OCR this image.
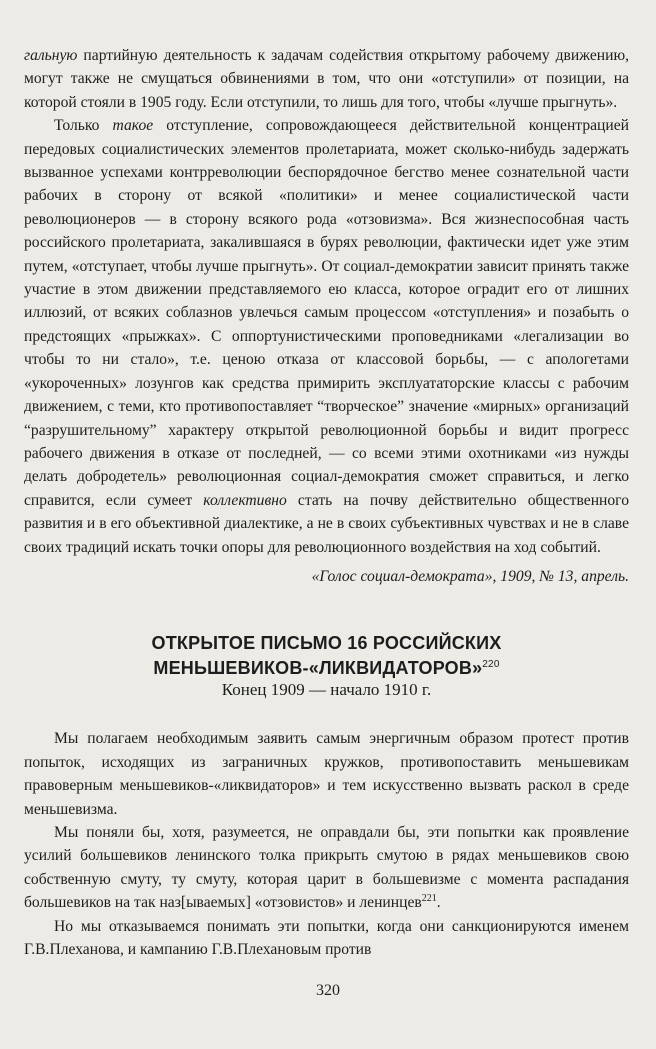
гальную партийную деятельность к задачам содействия открытому рабочему движению, могут также не смущаться обвинениями в том, что они «отступили» от позиции, на которой стояли в 1905 году. Если отступили, то лишь для того, чтобы «лучше прыгнуть».

Только такое отступление, сопровождающееся действительной концентрацией передовых социалистических элементов пролетариата, может сколько-нибудь задержать вызванное успехами контрреволюции беспорядочное бегство менее сознательной части рабочих в сторону от всякой «политики» и менее социалистической части революционеров — в сторону всякого рода «отзовизма». Вся жизнеспособная часть российского пролетариата, закалившаяся в бурях революции, фактически идет уже этим путем, «отступает, чтобы лучше прыгнуть». От социал-демократии зависит принять также участие в этом движении представляемого ею класса, которое оградит его от лишних иллюзий, от всяких соблазнов увлечься самым процессом «отступления» и позабыть о предстоящих «прыжках». С оппортунистическими проповедниками «легализации во чтобы то ни стало», т.е. ценою отказа от классовой борьбы, — с апологетами «укороченных» лозунгов как средства примирить эксплуататорские классы с рабочим движением, с теми, кто противопоставляет “творческое” значение «мирных» организаций “разрушительному” характеру открытой революционной борьбы и видит прогресс рабочего движения в отказе от последней, — со всеми этими охотниками «из нужды делать добродетель» революционная социал-демократия сможет справиться, и легко справится, если сумеет коллективно стать на почву действительно общественного развития и в его объективной диалектике, а не в своих субъективных чувствах и не в славе своих традиций искать точки опоры для революционного воздействия на ход событий.

«Голос социал-демократа», 1909, № 13, апрель.
ОТКРЫТОЕ ПИСЬМО 16 РОССИЙСКИХ
МЕНЬШЕВИКОВ-«ЛИКВИДАТОРОВ»$^{220}$
Конец 1909 — начало 1910 г.

Мы полагаем необходимым заявить самым энергичным образом протест против попыток, исходящих из заграничных кружков, противопоставить меньшевикам правоверным меньшевиков-«ликвидаторов» и тем искусственно вызвать раскол в среде меньшевизма.

Мы поняли бы, хотя, разумеется, не оправдали бы, эти попытки как проявление усилий большевиков ленинского толка прикрыть смутою в рядах меньшевиков свою собственную смуту, ту смуту, которая царит в большевизме с момента распадания большевиков на так наз[ываемых] «отзовистов» и ленинцев$^{221}$.

Но мы отказываемся понимать эти попытки, когда они санкционируются именем Г.В.Плеханова, и кампанию Г.В.Плехановым против

320
